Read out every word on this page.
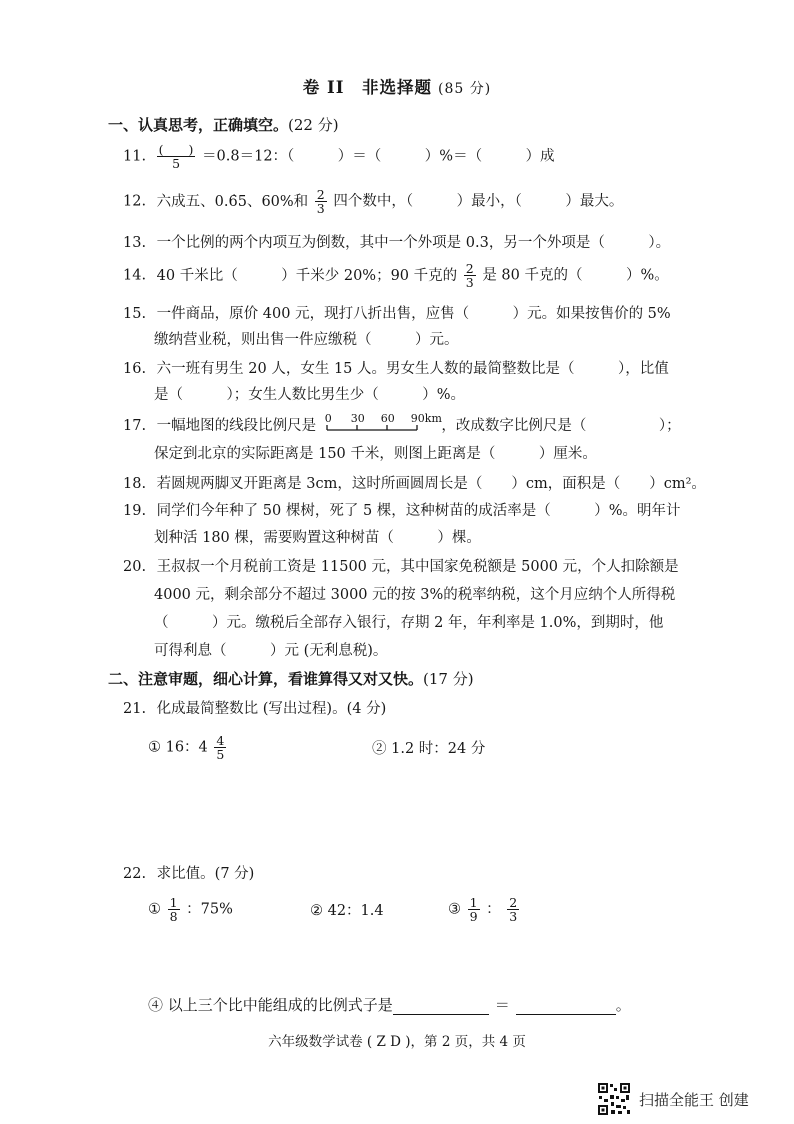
卷 II　非选择题 (85 分)
一、认真思考，正确填空。(22 分)
11. $\frac{( )}{5} =0.8=12$：（　　　）＝（　　　）%＝（　　　）成
12. 六成五、0.6̇5、60%和 $\frac{2}{3}$ 四个数中，（　　　）最小，（　　　）最大。
13. 一个比例的两个内项互为倒数，其中一个外项是 0.3，另一个外项是（　　　）。
14. 40 千米比（　　　）千米少 20%；90 千克的 $\frac{2}{3}$ 是 80 千克的（　　　）%。
15. 一件商品，原价 400 元，现打八折出售，应售（　　　）元。如果按售价的 5%
缴纳营业税，则出售一件应缴税（　　　）元。
16. 六一班有男生 20 人，女生 15 人。男女生人数的最简整数比是（　　　），比值
是（　　　）；女生人数比男生少（　　　）%。
17. 一幅地图的线段比例尺是 0 30 60 90km ，改成数字比例尺是（　　　　　）；
保定到北京的实际距离是 150 千米，则图上距离是（　　　）厘米。
18. 若圆规两脚叉开距离是 3cm，这时所画圆周长是（　　）cm，面积是（　　）cm²。
19. 同学们今年种了 50 棵树，死了 5 棵，这种树苗的成活率是（　　　）%。明年计
划种活 180 棵，需要购置这种树苗（　　　）棵。
20. 王叔叔一个月税前工资是 11500 元，其中国家免税额是 5000 元，个人扣除额是
4000 元，剩余部分不超过 3000 元的按 3%的税率纳税，这个月应纳个人所得税
（　　　）元。缴税后全部存入银行，存期 2 年，年利率是 1.0%，到期时，他
可得利息（　　　）元 (无利息税)。
二、注意审题，细心计算，看谁算得又对又快。(17 分)
21. 化成最简整数比 (写出过程)。(4 分)
① 16：$4 \frac{4}{5}$	② 1.2 时：24 分
22. 求比值。(7 分)
① $\frac{1}{8}$ ：75%	② 42：1.4	③ $\frac{1}{9}$ ： $\frac{2}{3}$
④ 以上三个比中能组成的比例式子是	＝	。
六年级数学试卷 ( Z D )，第 2 页，共 4 页
扫描全能王 创建
